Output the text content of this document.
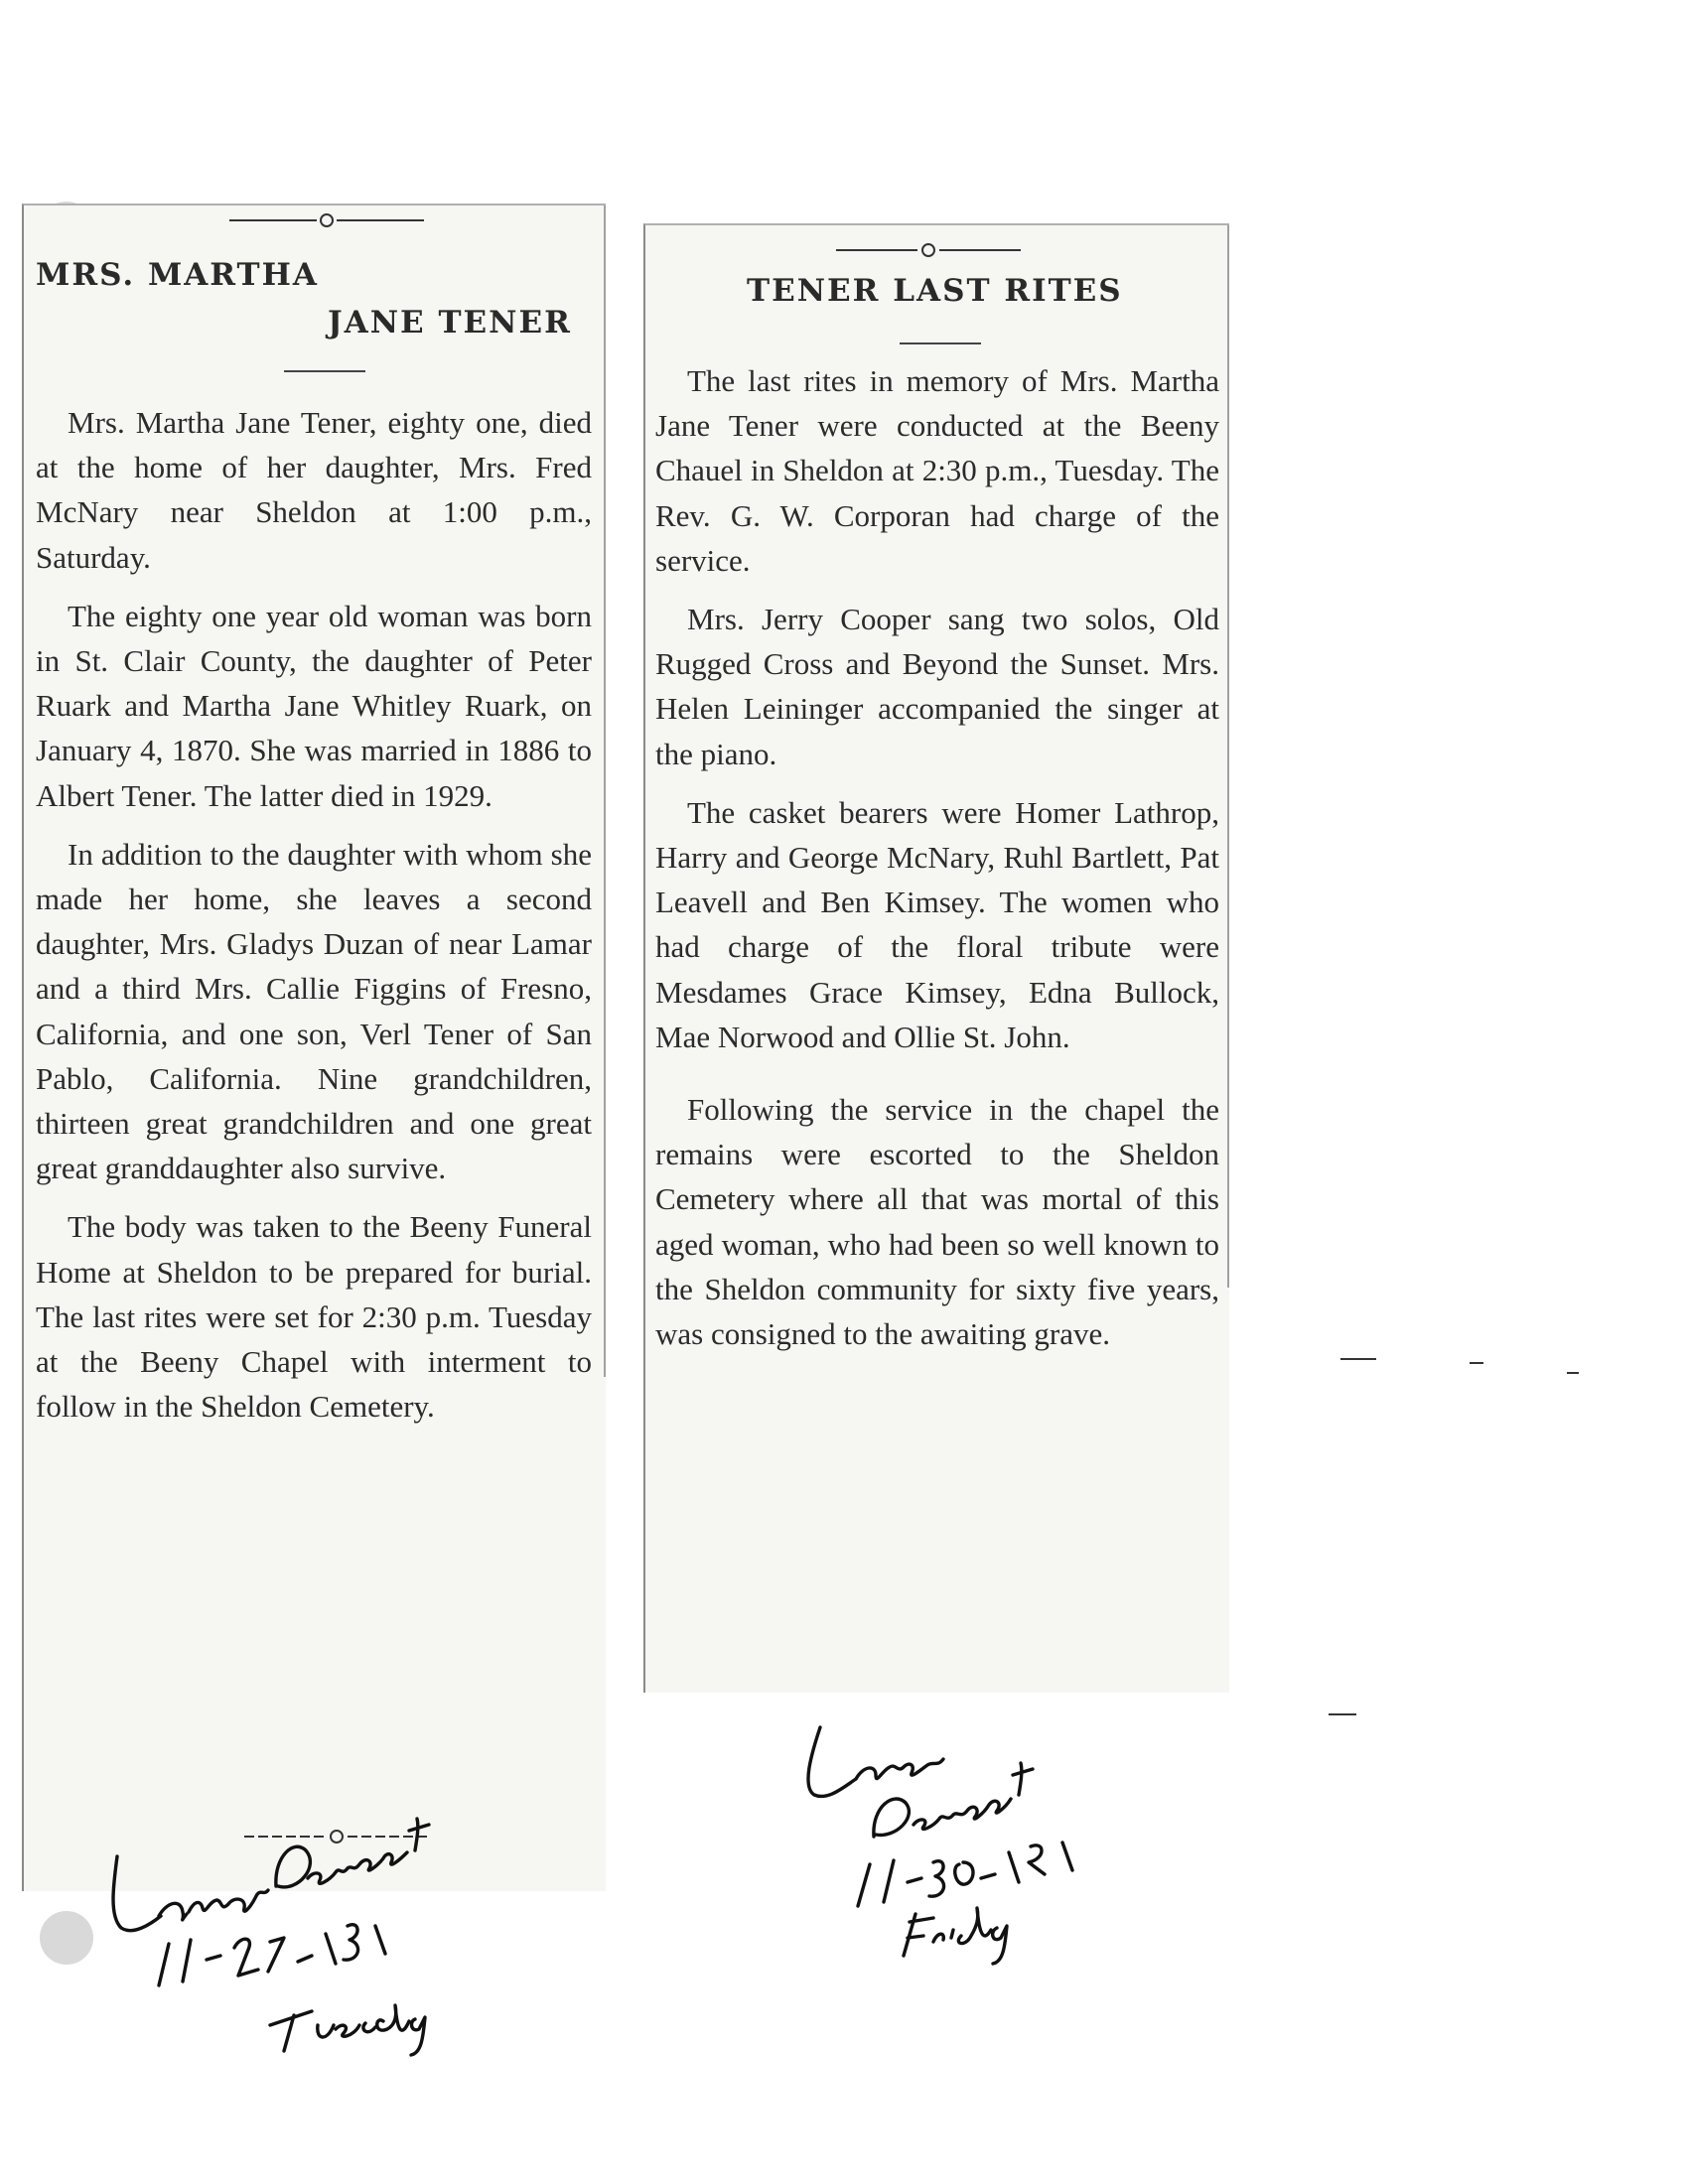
MRS. MARTHA
JANE TENER

Mrs. Martha Jane Tener, eighty one, died at the home of her daughter, Mrs. Fred McNary near Sheldon at 1:00 p.m., Saturday.

The eighty one year old woman was born in St. Clair County, the daughter of Peter Ruark and Martha Jane Whitley Ruark, on January 4, 1870. She was married in 1886 to Albert Tener. The latter died in 1929.

In addition to the daughter with whom she made her home, she leaves a second daughter, Mrs. Gladys Duzan of near Lamar and a third Mrs. Callie Figgins of Fresno, California, and one son, Verl Tener of San Pablo, California. Nine grandchildren, thirteen great grandchildren and one great great granddaughter also survive.

The body was taken to the Beeny Funeral Home at Sheldon to be prepared for burial. The last rites were set for 2:30 p.m. Tuesday at the Beeny Chapel with interment to follow in the Sheldon Cemetery.

TENER LAST RITES

The last rites in memory of Mrs. Martha Jane Tener were conducted at the Beeny Chauel in Sheldon at 2:30 p.m., Tuesday. The Rev. G. W. Corporan had charge of the service.

Mrs. Jerry Cooper sang two solos, Old Rugged Cross and Beyond the Sunset. Mrs. Helen Leininger accompanied the singer at the piano.

The casket bearers were Homer Lathrop, Harry and George McNary, Ruhl Bartlett, Pat Leavell and Ben Kimsey. The women who had charge of the floral tribute were Mesdames Grace Kimsey, Edna Bullock, Mae Norwood and Ollie St. John.

Following the service in the chapel the remains were escorted to the Sheldon Cemetery where all that was mortal of this aged woman, who had been so well known to the Sheldon community for sixty five years, was consigned to the awaiting grave.

Lamar Democrat
11-27-1951
Tuesday
Lamar
Democrat
11-30-1951
Friday
